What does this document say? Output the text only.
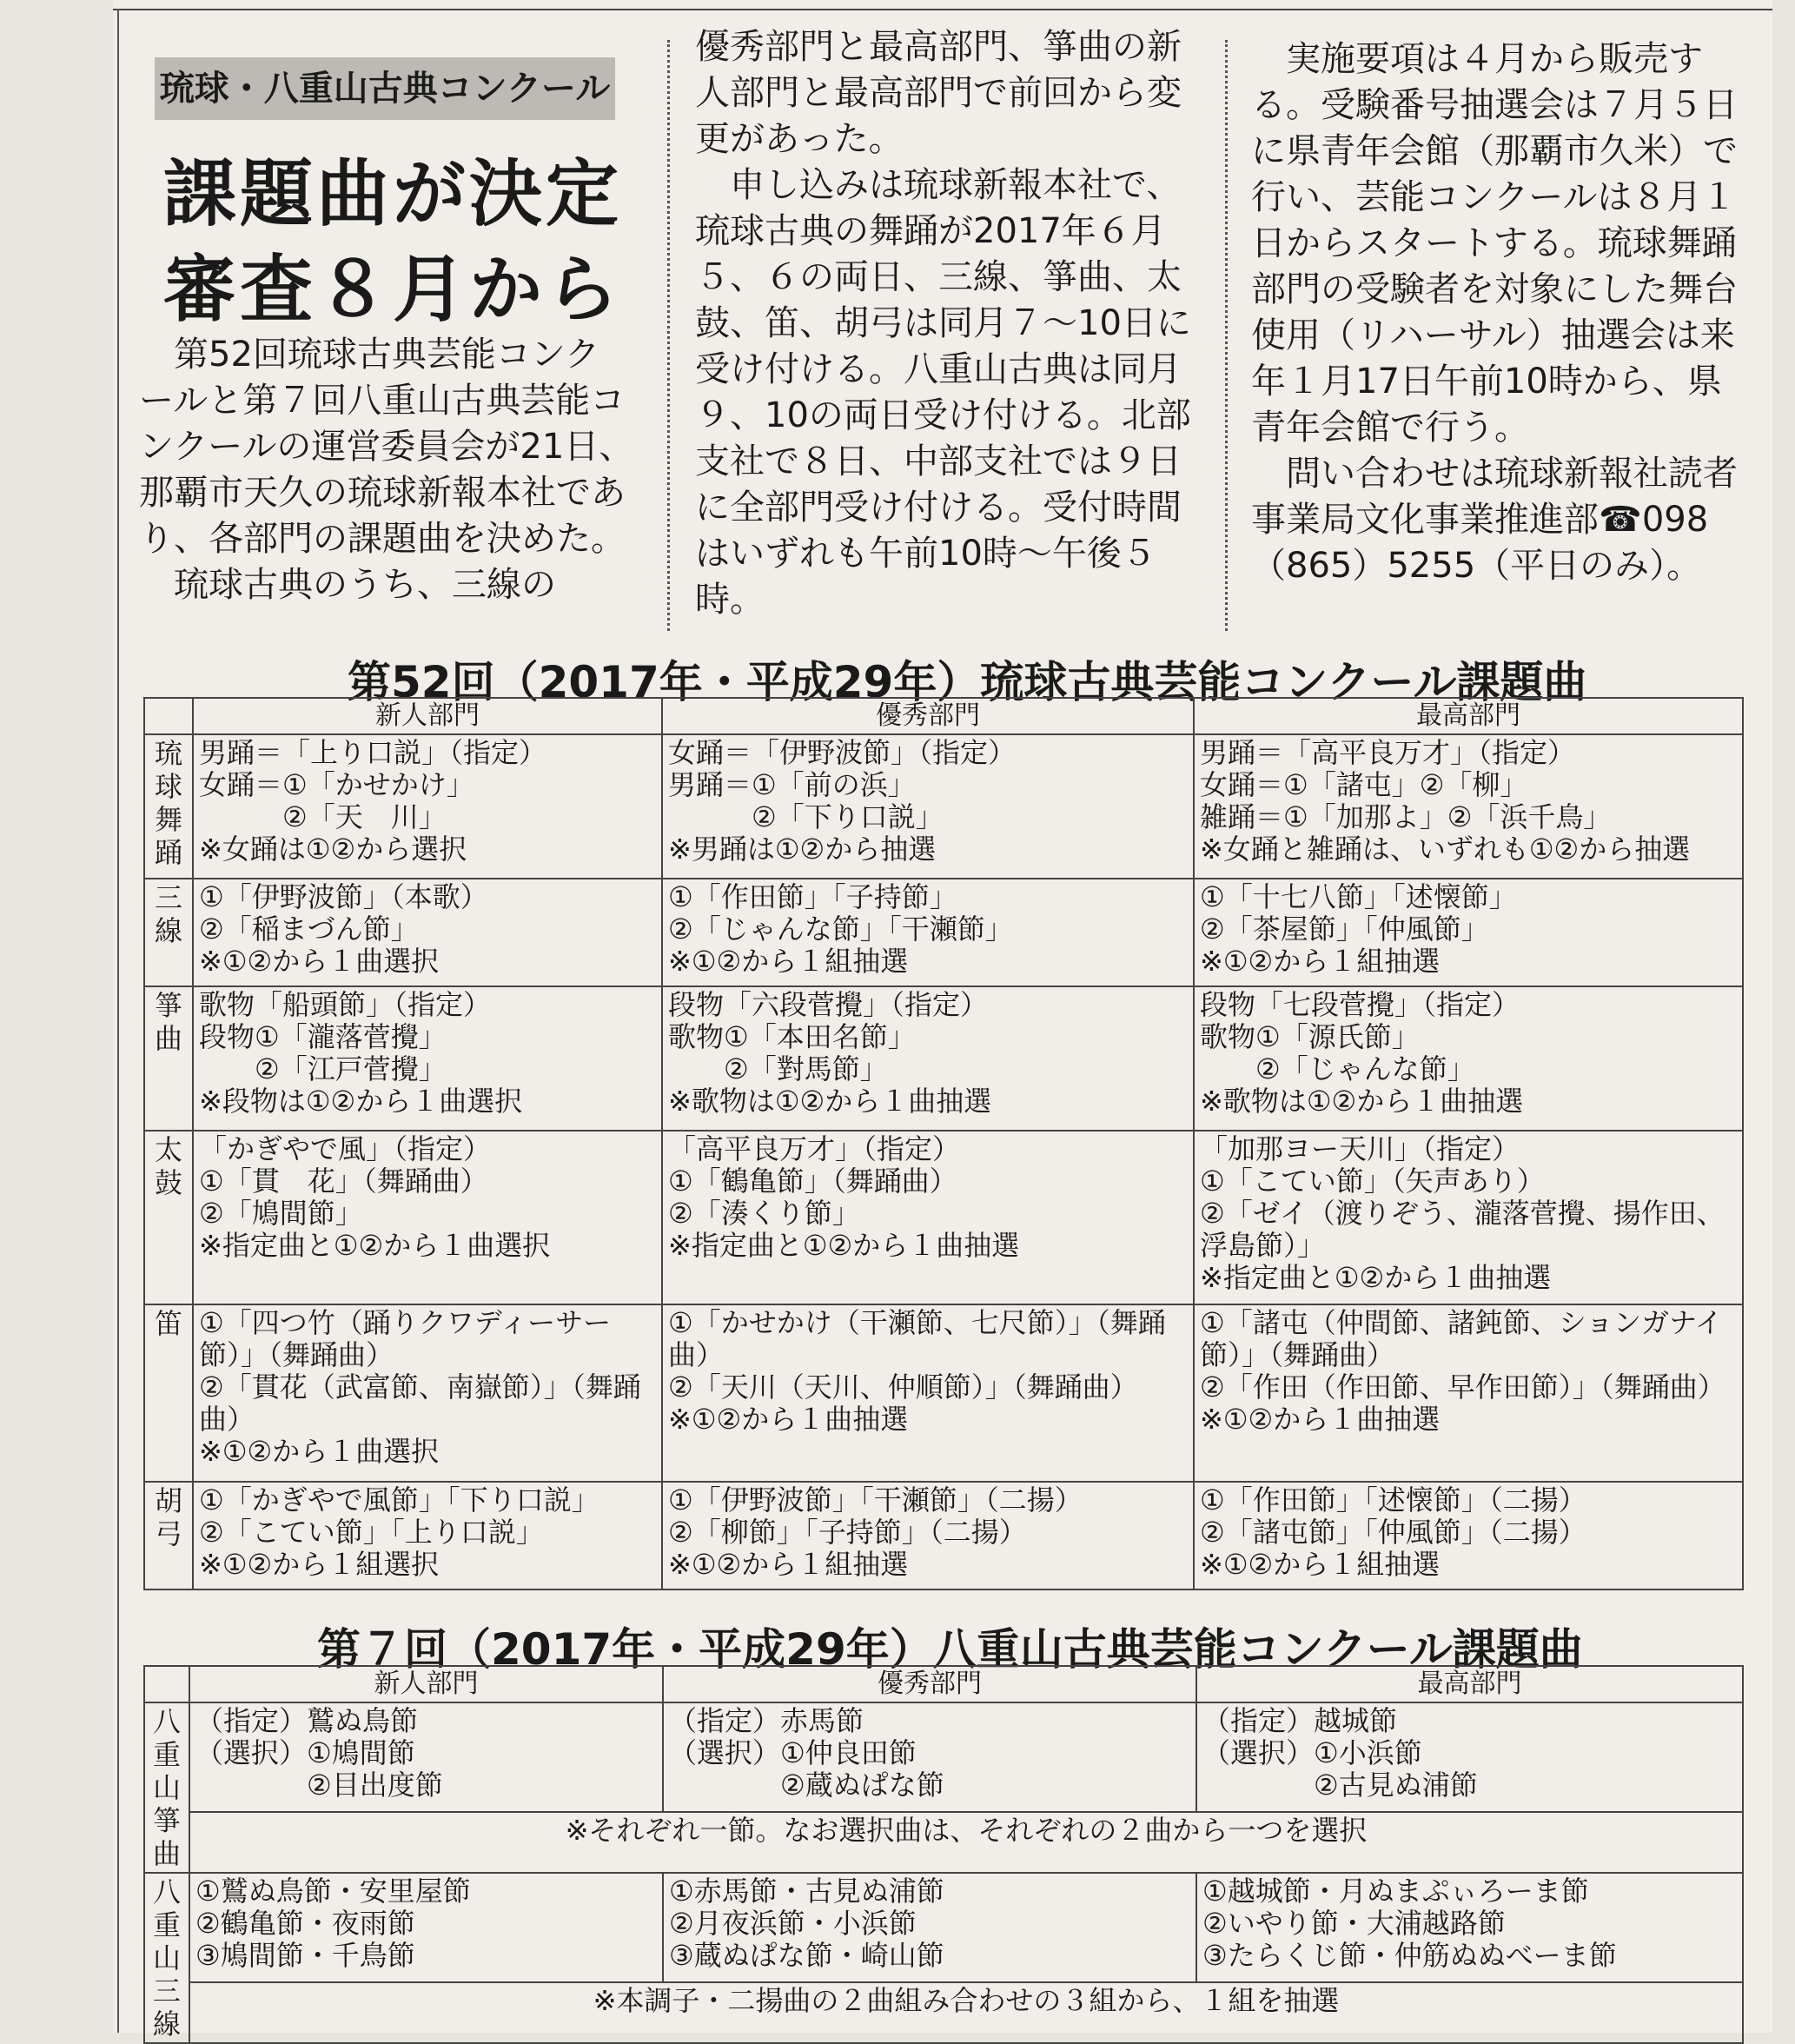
琉球・八重山古典コンクール
課題曲が決定
審査８月から

　第52回琉球古典芸能コンクールと第７回八重山古典芸能コンクールの運営委員会が21日、那覇市天久の琉球新報本社であり、各部門の課題曲を決めた。

　琉球古典のうち、三線の

優秀部門と最高部門、箏曲の新人部門と最高部門で前回から変更があった。

　申し込みは琉球新報本社で、琉球古典の舞踊が2017年６月５、６の両日、三線、箏曲、太鼓、笛、胡弓は同月７～10日に受け付ける。八重山古典は同月９、10の両日受け付ける。北部支社で８日、中部支社では９日に全部門受け付ける。受付時間はいずれも午前10時～午後５時。

　実施要項は４月から販売する。受験番号抽選会は７月５日に県青年会館（那覇市久米）で行い、芸能コンクールは８月１日からスタートする。琉球舞踊部門の受験者を対象にした舞台使用（リハーサル）抽選会は来年１月17日午前10時から、県青年会館で行う。

　問い合わせは琉球新報社読者事業局文化事業推進部☎098（865）5255（平日のみ）。

第52回（2017年・平成29年）琉球古典芸能コンクール課題曲
	新人部門	優秀部門	最高部門
琉球舞踊	男踊＝「上り口説」（指定）
女踊＝①「かせかけ」
　　　②「天　川」
※女踊は①②から選択	女踊＝「伊野波節」（指定）
男踊＝①「前の浜」
　　　②「下り口説」
※男踊は①②から抽選	男踊＝「高平良万才」（指定）
女踊＝①「諸屯」②「柳」
雑踊＝①「加那よ」②「浜千鳥」
※女踊と雑踊は、いずれも①②から抽選
三線	①「伊野波節」（本歌）
②「稲まづん節」
※①②から１曲選択	①「作田節」「子持節」
②「じゃんな節」「干瀬節」
※①②から１組抽選	①「十七八節」「述懐節」
②「茶屋節」「仲風節」
※①②から１組抽選
箏曲	歌物「船頭節」（指定）
段物①「瀧落菅攪」
　　②「江戸菅攪」
※段物は①②から１曲選択	段物「六段菅攪」（指定）
歌物①「本田名節」
　　②「對馬節」
※歌物は①②から１曲抽選	段物「七段菅攪」（指定）
歌物①「源氏節」
　　②「じゃんな節」
※歌物は①②から１曲抽選
太鼓	「かぎやで風」（指定）
①「貫　花」（舞踊曲）
②「鳩間節」
※指定曲と①②から１曲選択	「高平良万才」（指定）
①「鶴亀節」（舞踊曲）
②「湊くり節」
※指定曲と①②から１曲抽選	「加那ヨー天川」（指定）
①「こてい節」（矢声あり）
②「ゼイ（渡りぞう、瀧落菅攪、揚作田、浮島節）」
※指定曲と①②から１曲抽選
笛	①「四つ竹（踊りクワディーサー節）」（舞踊曲）
②「貫花（武富節、南嶽節）」（舞踊曲）
※①②から１曲選択	①「かせかけ（干瀬節、七尺節）」（舞踊曲）
②「天川（天川、仲順節）」（舞踊曲）
※①②から１曲抽選	①「諸屯（仲間節、諸鈍節、ションガナイ節）」（舞踊曲）
②「作田（作田節、早作田節）」（舞踊曲）
※①②から１曲抽選
胡弓	①「かぎやで風節」「下り口説」
②「こてい節」「上り口説」
※①②から１組選択	①「伊野波節」「干瀬節」（二揚）
②「柳節」「子持節」（二揚）
※①②から１組抽選	①「作田節」「述懐節」（二揚）
②「諸屯節」「仲風節」（二揚）
※①②から１組抽選
第７回（2017年・平成29年）八重山古典芸能コンクール課題曲
	新人部門	優秀部門	最高部門
八重山箏曲	（指定）鷲ぬ鳥節
（選択）①鳩間節
　　　　②目出度節	（指定）赤馬節
（選択）①仲良田節
　　　　②蔵ぬぱな節	（指定）越城節
（選択）①小浜節
　　　　②古見ぬ浦節
	※それぞれ一節。なお選択曲は、それぞれの２曲から一つを選択		
八重山三線	①鷲ぬ鳥節・安里屋節
②鶴亀節・夜雨節
③鳩間節・千鳥節	①赤馬節・古見ぬ浦節
②月夜浜節・小浜節
③蔵ぬぱな節・崎山節	①越城節・月ぬまぷぃろーま節
②いやり節・大浦越路節
③たらくじ節・仲筋ぬぬべーま節
	※本調子・二揚曲の２曲組み合わせの３組から、１組を抽選		
